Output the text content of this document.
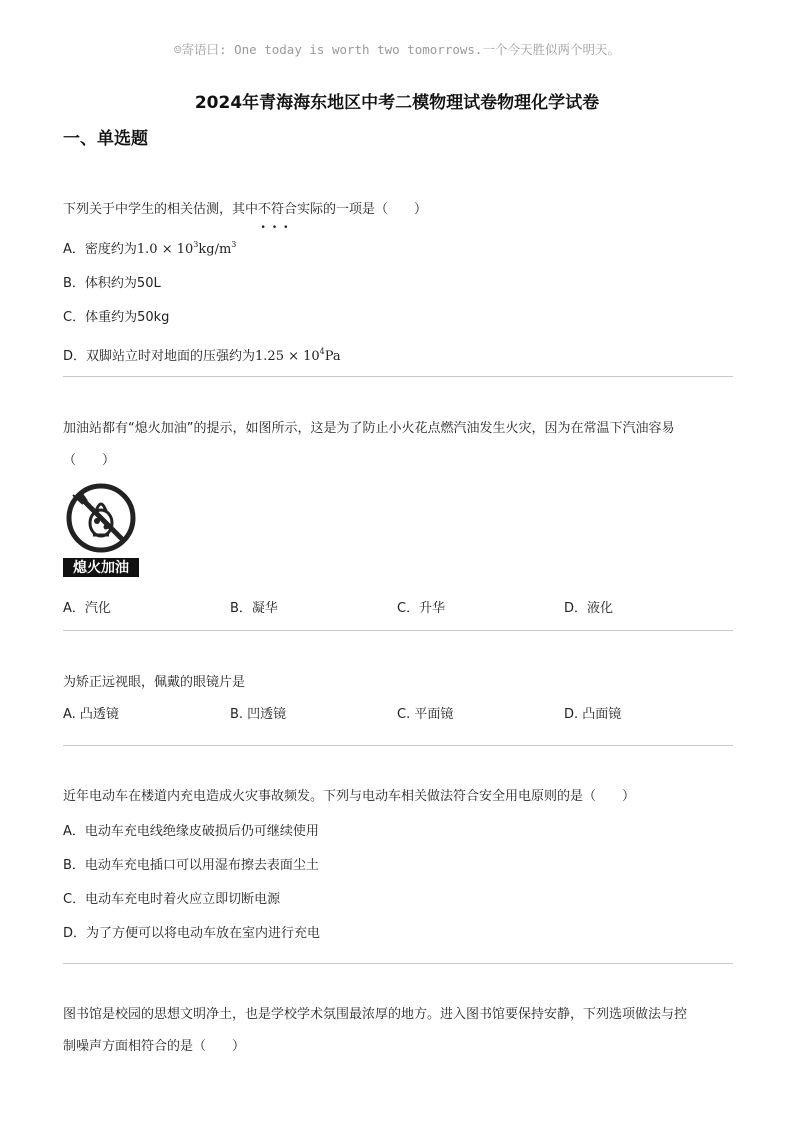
☺寄语曰: One today is worth two tomorrows.一个今天胜似两个明天。
2024年青海海东地区中考二模物理试卷物理化学试卷
一、单选题

下列关于中学生的相关估测，其中不符合
•••
实际的一项是（　　）

A．密度约为$1.0 \times 10^3kg/m^3$
B．体积约为50L
C．体重约为50kg
D．双脚站立时对地面的压强约为$1.25 \times 10^4Pa$

加油站都有“熄火加油”的提示，如图所示，这是为了防止小火花点燃汽油发生火灾，因为在常温下汽油容易

（　　）

熄火加油
A．汽化	B．凝华	C．升华	D．液化

为矫正远视眼，佩戴的眼镜片是

A. 凸透镜	B. 凹透镜	C. 平面镜	D. 凸面镜

近年电动车在楼道内充电造成火灾事故频发。下列与电动车相关做法符合安全用电原则的是（　　）

A．电动车充电线绝缘皮破损后仍可继续使用
B．电动车充电插口可以用湿布擦去表面尘土
C．电动车充电时着火应立即切断电源
D．为了方便可以将电动车放在室内进行充电

图书馆是校园的思想文明净土，也是学校学术氛围最浓厚的地方。进入图书馆要保持安静，下列选项做法与控

制噪声方面相符合的是（　　）
